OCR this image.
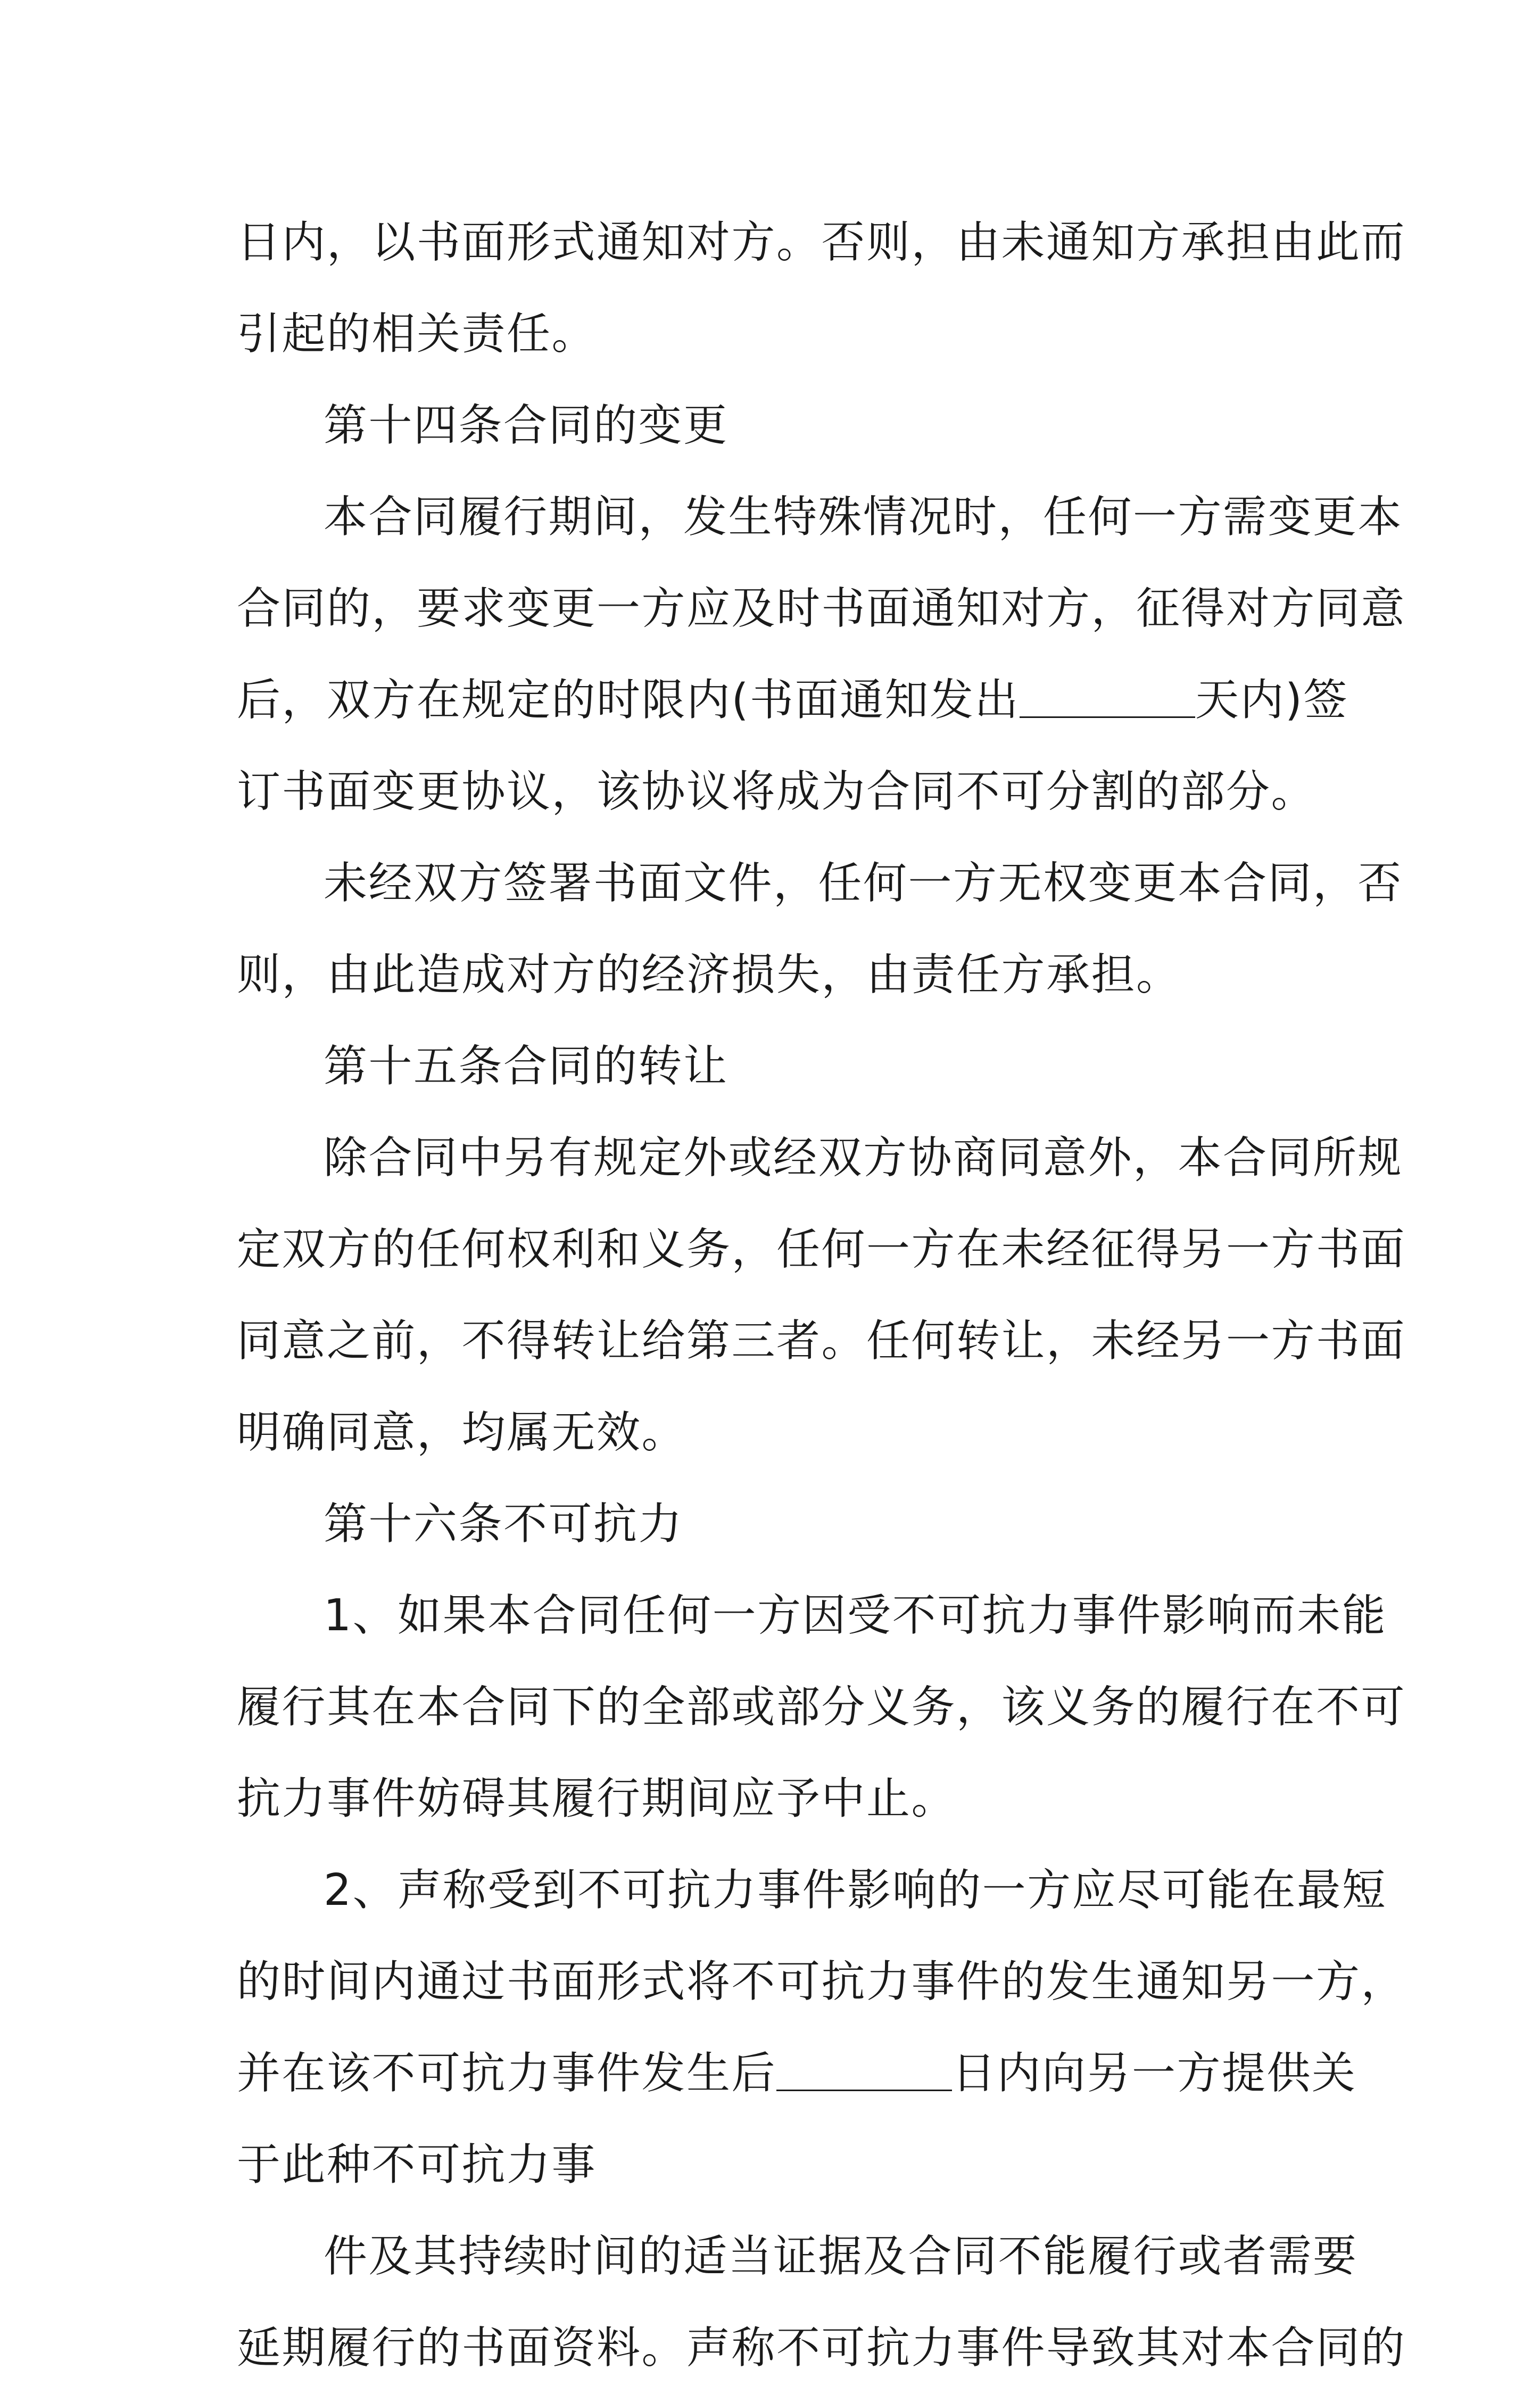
日内，以书面形式通知对方。否则，由未通知方承担由此而
引起的相关责任。
第十四条合同的变更
本合同履行期间，发生特殊情况时，任何一方需变更本
合同的，要求变更一方应及时书面通知对方，征得对方同意
后，双方在规定的时限内(书面通知发出	天内)签
订书面变更协议，该协议将成为合同不可分割的部分。
未经双方签署书面文件，任何一方无权变更本合同，否
则，由此造成对方的经济损失，由责任方承担。
第十五条合同的转让
除合同中另有规定外或经双方协商同意外，本合同所规
定双方的任何权利和义务，任何一方在未经征得另一方书面
同意之前，不得转让给第三者。任何转让，未经另一方书面
明确同意，均属无效。
第十六条不可抗力
1、如果本合同任何一方因受不可抗力事件影响而未能
履行其在本合同下的全部或部分义务，该义务的履行在不可
抗力事件妨碍其履行期间应予中止。
2、声称受到不可抗力事件影响的一方应尽可能在最短
的时间内通过书面形式将不可抗力事件的发生通知另一方，
并在该不可抗力事件发生后	日内向另一方提供关
于此种不可抗力事
件及其持续时间的适当证据及合同不能履行或者需要
延期履行的书面资料。声称不可抗力事件导致其对本合同的
